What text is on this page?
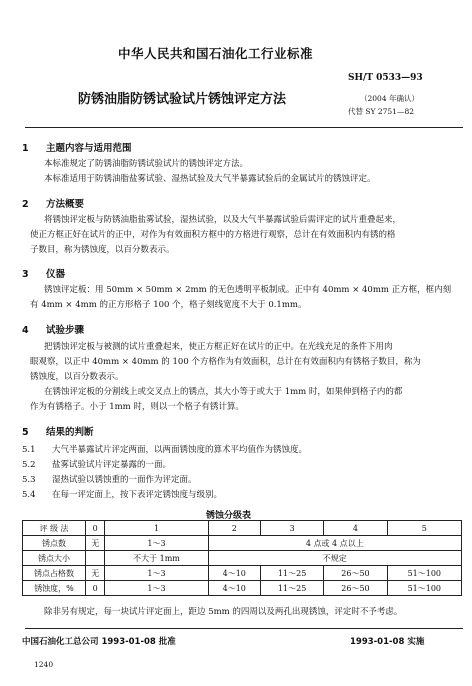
中华人民共和国石油化工行业标准
防锈油脂防锈试验试片锈蚀评定方法
SH/T 0533—93
（2004 年确认）
代替 SY 2751—82
1 主题内容与适用范围
本标准规定了防锈油脂防锈试验试片的锈蚀评定方法。
本标准适用于防锈油脂盐雾试验、湿热试验及大气半暴露试验后的金属试片的锈蚀评定。
2 方法概要
将锈蚀评定板与防锈油脂盐雾试验，湿热试验，以及大气半暴露试验后需评定的试片重叠起来，
使正方框正好在试片的正中，对作为有效面积方框中的方格进行观察，总计在有效面积内有锈的格
子数目，称为锈蚀度，以百分数表示。
3 仪器
锈蚀评定板：用 50mm × 50mm × 2mm 的无色透明平板制成。正中有 40mm × 40mm 正方框，框内刻
有 4mm × 4mm 的正方形格子 100 个，格子刻线宽度不大于 0.1mm。
4 试验步骤
把锈蚀评定板与被测的试片重叠起来，使正方框正好在试片的正中。在光线充足的条件下用肉
眼观察，以正中 40mm × 40mm 的 100 个方格作为有效面积，总计在有效面积内有锈格子数目，称为
锈蚀度，以百分数表示。
在锈蚀评定板的分割线上或交叉点上的锈点，其大小等于或大于 1mm 时，如果伸到格子内的都
作为有锈格子。小于 1mm 时，则以一个格子有锈计算。
5 结果的判断
5.1 大气半暴露试片评定两面，以两面锈蚀度的算术平均值作为锈蚀度。
5.2 盐雾试验试片评定暴露的一面。
5.3 湿热试验以锈蚀重的一面作为评定面。
5.4 在每一评定面上，按下表评定锈蚀度与级别。
锈蚀分级表
评 级 法	0	1	2	3	4	5
锈点数	无	1～3	4 点或 4 点以上			
锈点大小		不大于 1mm	不规定			
锈点占格数	无	1～3	4～10	11～25	26～50	51～100
锈蚀度，%	0	1～3	4～10	11～25	26～50	51～100
除非另有规定，每一块试片评定面上，距边 5mm 的四周以及两孔出现锈蚀，评定时不予考虑。
中国石油化工总公司 1993-01-08 批准	1993-01-08 实施
1240
